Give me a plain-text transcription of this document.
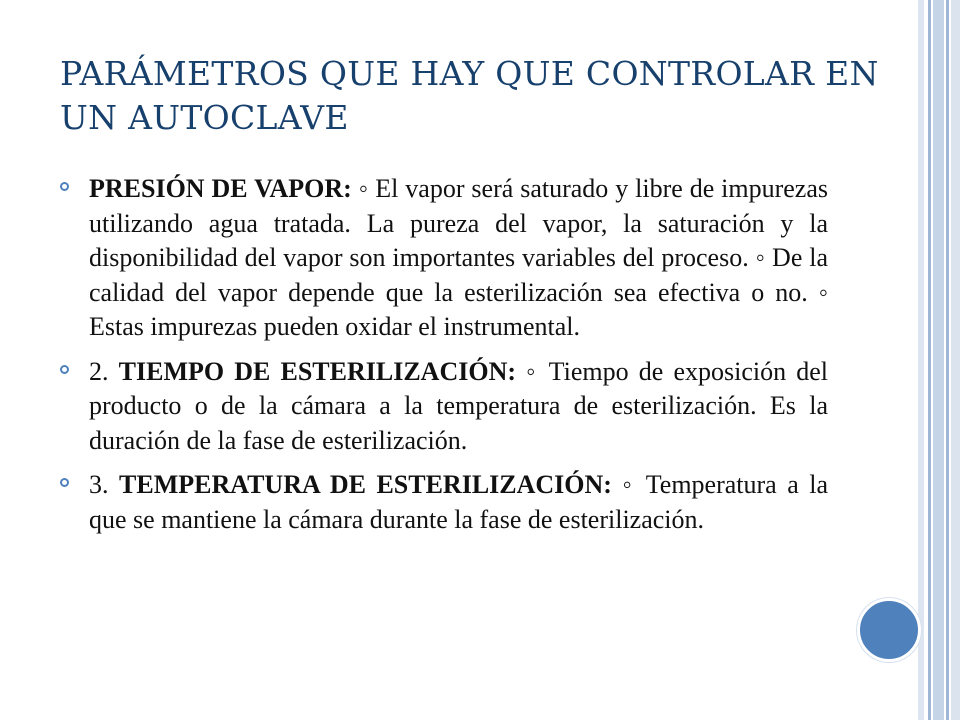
PARÁMETROS QUE HAY QUE CONTROLAR EN UN AUTOCLAVE

PRESIÓN DE VAPOR: ◦ El vapor será saturado y libre de impurezas utilizando agua tratada. La pureza del vapor, la saturación y la disponibilidad del vapor son importantes variables del proceso. ◦ De la calidad del vapor depende que la esterilización sea efectiva o no. ◦ Estas impurezas pueden oxidar el instrumental.

2. TIEMPO DE ESTERILIZACIÓN: ◦ Tiempo de exposición del producto o de la cámara a la temperatura de esterilización. Es la duración de la fase de esterilización.

3. TEMPERATURA DE ESTERILIZACIÓN: ◦ Temperatura a la que se mantiene la cámara durante la fase de esterilización.
